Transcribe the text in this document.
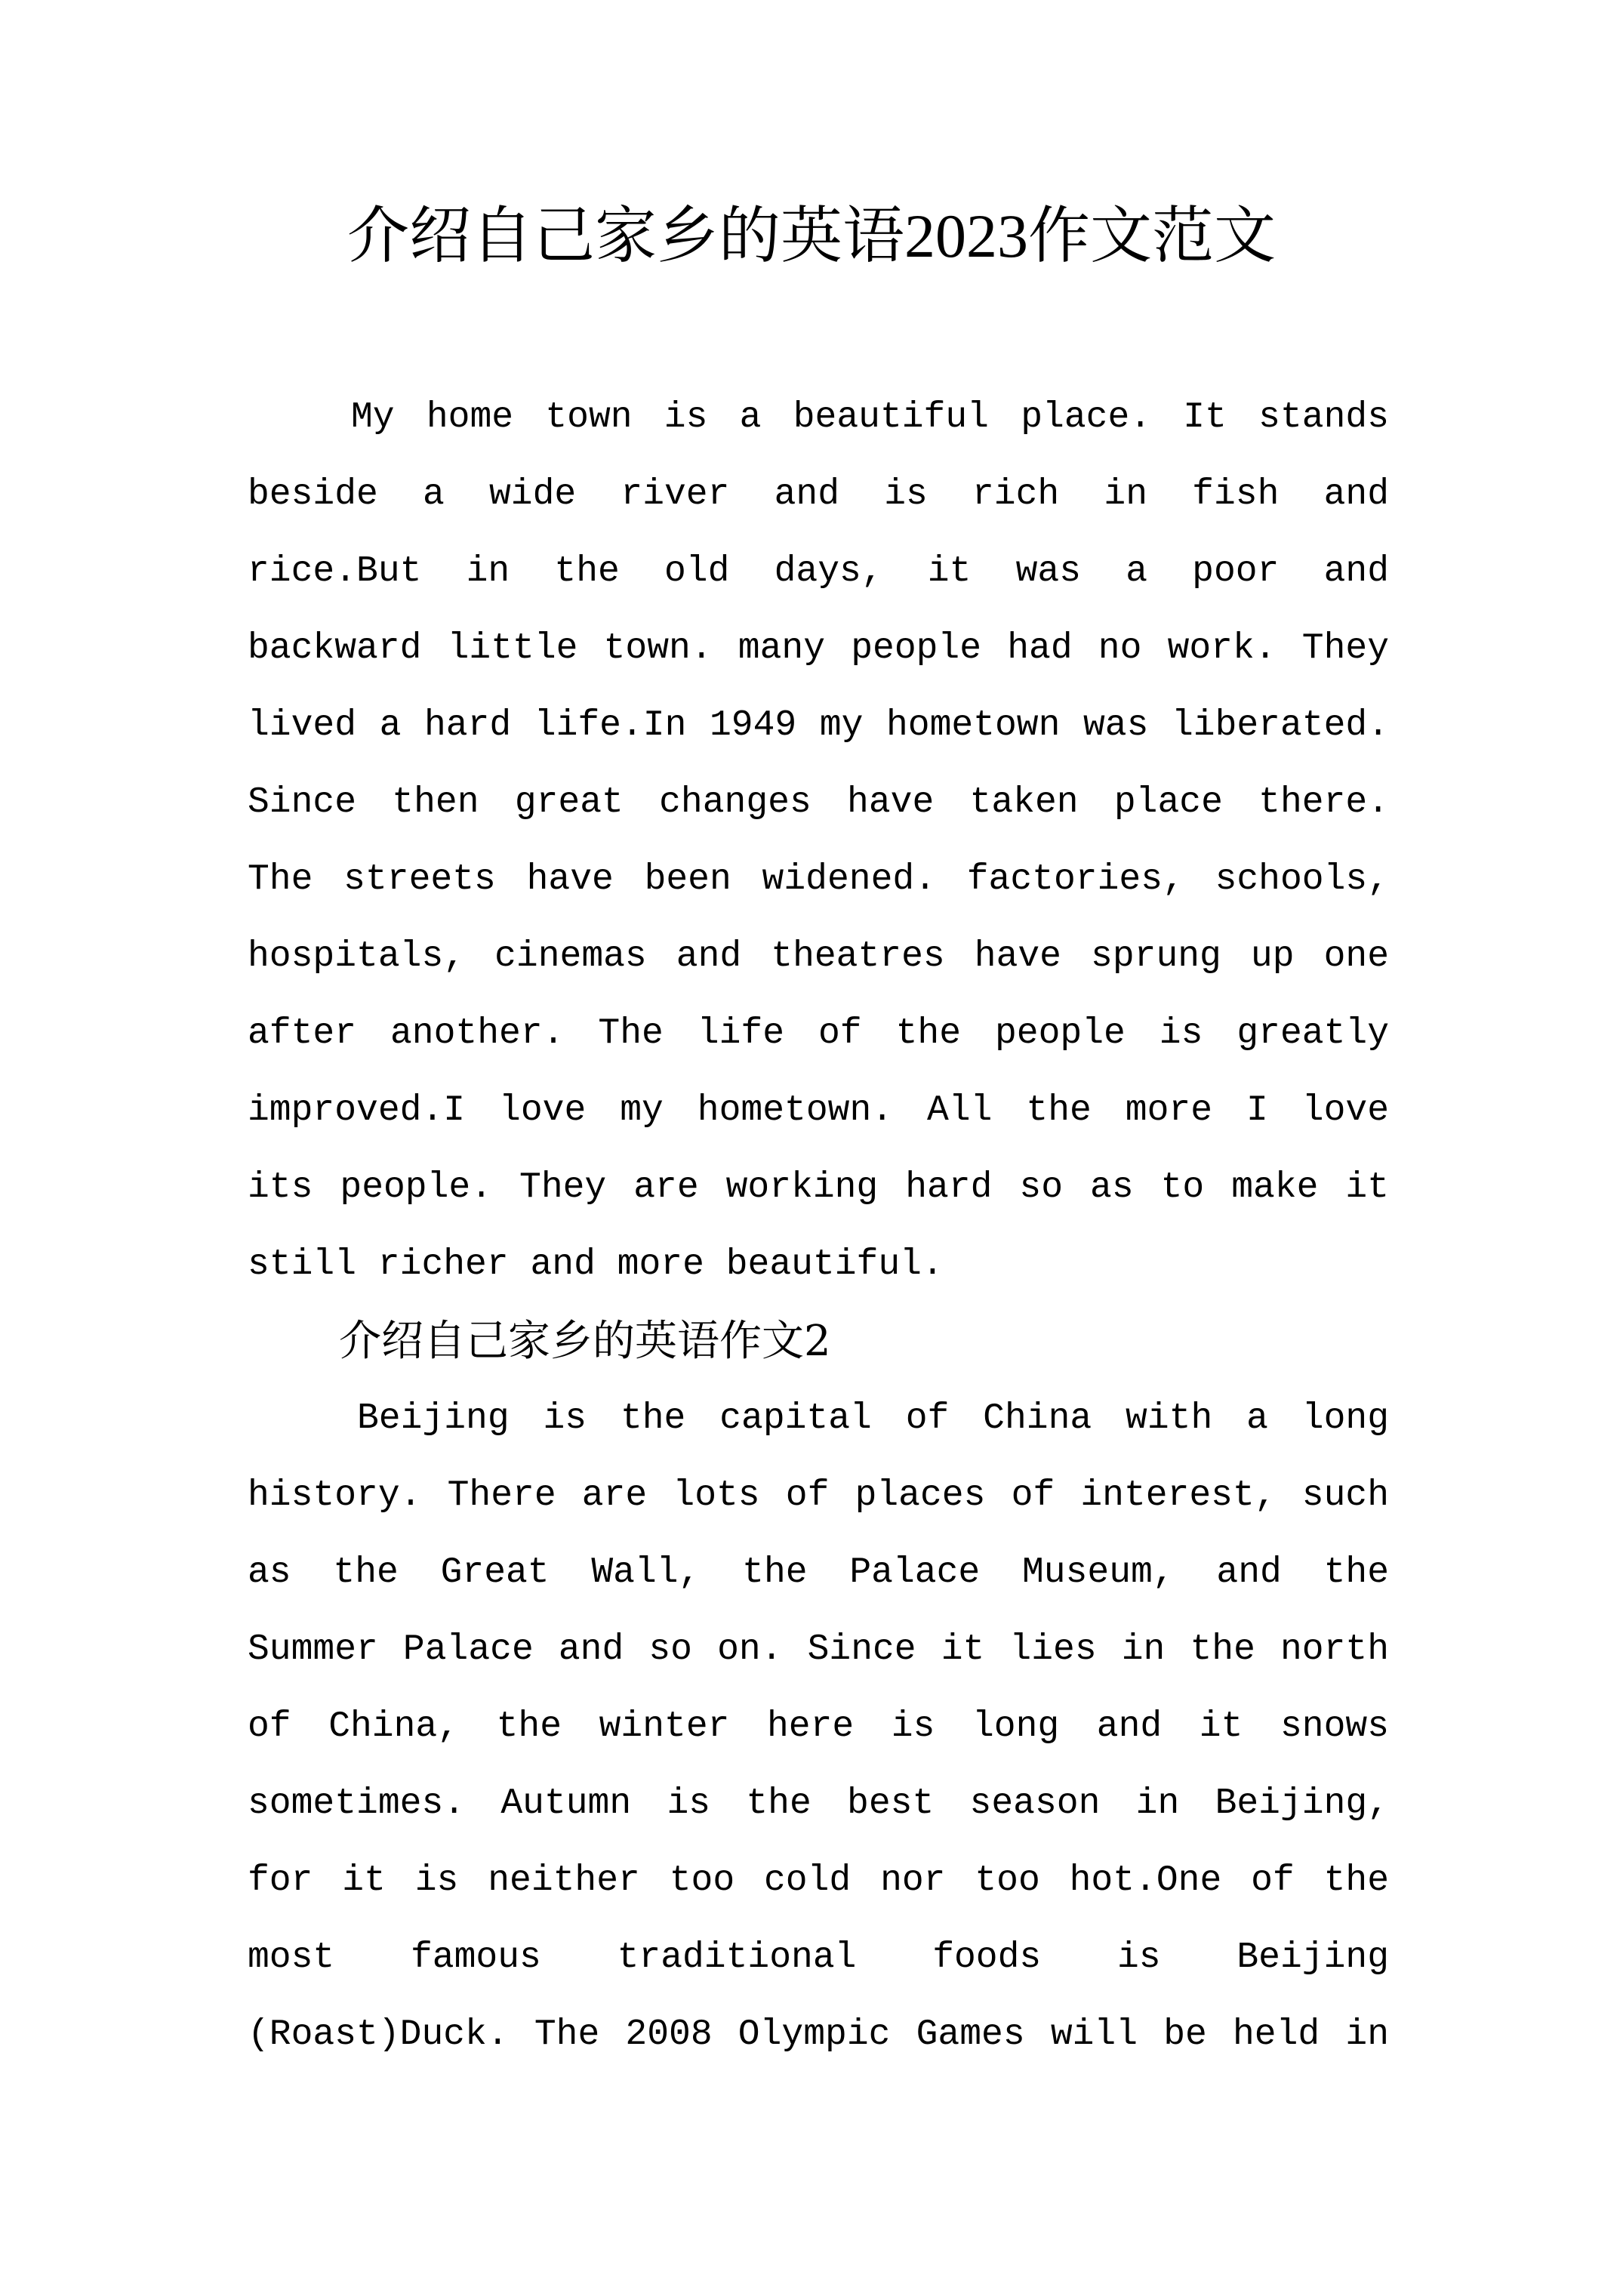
介绍自己家乡的英语2023作文范文
My home town is a beautiful place. It stands
beside a wide river and is rich in fish and
rice.But in the old days, it was a poor and
backward little town. many people had no work. They
lived a hard life.In 1949 my hometown was liberated.
Since then great changes have taken place there.
The streets have been widened. factories, schools,
hospitals, cinemas and theatres have sprung up one
after another. The life of the people is greatly
improved.I love my hometown. All the more I love
its people. They are working hard so as to make it
still richer and more beautiful.
介绍自己家乡的英语作文2
Beijing is the capital of China with a long
history. There are lots of places of interest, such
as the Great Wall, the Palace Museum, and the
Summer Palace and so on. Since it lies in the north
of China, the winter here is long and it snows
sometimes. Autumn is the best season in Beijing,
for it is neither too cold nor too hot.One of the
most famous traditional foods is Beijing
(Roast)Duck. The 2008 Olympic Games will be held in
